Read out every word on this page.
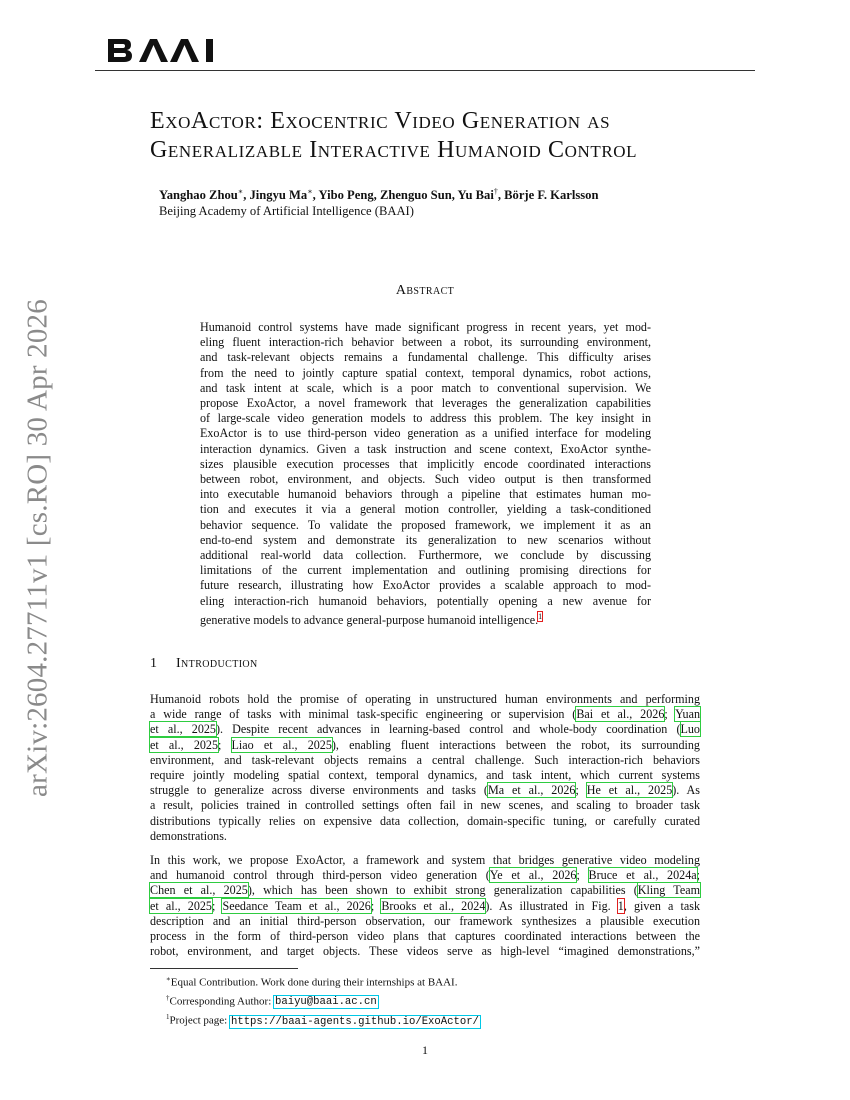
arXiv:2604.27711v1 [cs.RO] 30 Apr 2026
ExoActor: Exocentric Video Generation as
Generalizable Interactive Humanoid Control
Yanghao Zhou∗, Jingyu Ma∗, Yibo Peng, Zhenguo Sun, Yu Bai†, Börje F. Karlsson
Beijing Academy of Artificial Intelligence (BAAI)
Abstract
Humanoid control systems have made significant progress in recent years, yet mod-
eling fluent interaction-rich behavior between a robot, its surrounding environment,
and task-relevant objects remains a fundamental challenge. This difficulty arises
from the need to jointly capture spatial context, temporal dynamics, robot actions,
and task intent at scale, which is a poor match to conventional supervision. We
propose ExoActor, a novel framework that leverages the generalization capabilities
of large-scale video generation models to address this problem. The key insight in
ExoActor is to use third-person video generation as a unified interface for modeling
interaction dynamics. Given a task instruction and scene context, ExoActor synthe-
sizes plausible execution processes that implicitly encode coordinated interactions
between robot, environment, and objects. Such video output is then transformed
into executable humanoid behaviors through a pipeline that estimates human mo-
tion and executes it via a general motion controller, yielding a task-conditioned
behavior sequence. To validate the proposed framework, we implement it as an
end-to-end system and demonstrate its generalization to new scenarios without
additional real-world data collection. Furthermore, we conclude by discussing
limitations of the current implementation and outlining promising directions for
future research, illustrating how ExoActor provides a scalable approach to mod-
eling interaction-rich humanoid behaviors, potentially opening a new avenue for
generative models to advance general-purpose humanoid intelligence.$^1$
1 Introduction
Humanoid robots hold the promise of operating in unstructured human environments and performing
a wide range of tasks with minimal task-specific engineering or supervision (Bai et al., 2026; Yuan
et al., 2025). Despite recent advances in learning-based control and whole-body coordination (Luo
et al., 2025; Liao et al., 2025), enabling fluent interactions between the robot, its surrounding
environment, and task-relevant objects remains a central challenge. Such interaction-rich behaviors
require jointly modeling spatial context, temporal dynamics, and task intent, which current systems
struggle to generalize across diverse environments and tasks (Ma et al., 2026; He et al., 2025). As
a result, policies trained in controlled settings often fail in new scenes, and scaling to broader task
distributions typically relies on expensive data collection, domain-specific tuning, or carefully curated
demonstrations.
In this work, we propose ExoActor, a framework and system that bridges generative video modeling
and humanoid control through third-person video generation (Ye et al., 2026; Bruce et al., 2024a;
Chen et al., 2025), which has been shown to exhibit strong generalization capabilities (Kling Team
et al., 2025; Seedance Team et al., 2026; Brooks et al., 2024). As illustrated in Fig. 1, given a task
description and an initial third-person observation, our framework synthesizes a plausible execution
process in the form of third-person video plans that captures coordinated interactions between the
robot, environment, and target objects. These videos serve as high-level “imagined demonstrations,”
∗Equal Contribution. Work done during their internships at BAAI.
†Corresponding Author: baiyu@baai.ac.cn
$^1$Project page: https://baai-agents.github.io/ExoActor/
1
